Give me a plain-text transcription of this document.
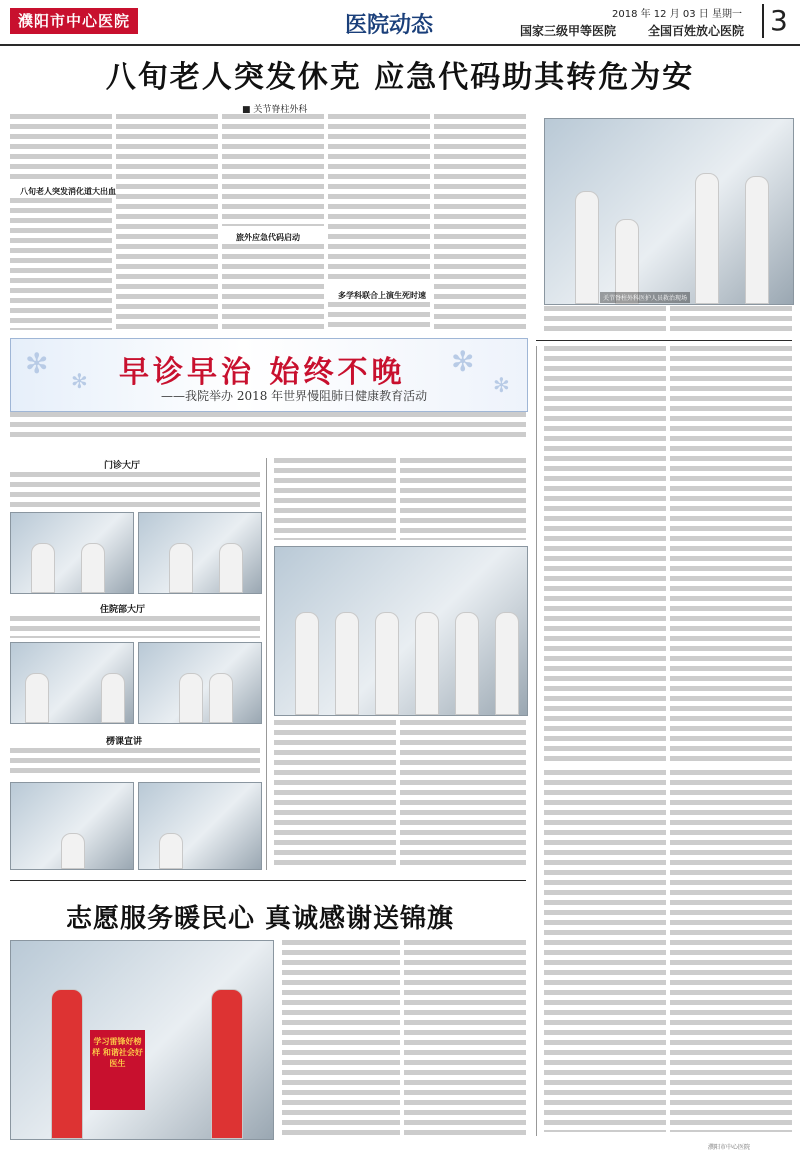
濮阳市中心医院	医院动态	2018 年 12 月 03 日 星期一
国家三级甲等医院	全国百姓放心医院 3
八旬老人突发休克 应急代码助其转危为安
■ 关节脊柱外科
八旬老人突发消化道大出血
旅外应急代码启动
多学科联合上演生死时速	关节脊柱外科医护人员救治现场
✻
✻
✻
✻
早诊早治 始终不晚
——我院举办 2018 年世界慢阻肺日健康教育活动
门诊大厅
住院部大厅
楞课宣讲
志愿服务暖民心 真诚感谢送锦旗
学习雷锋好榜样 和谐社会好医生
濮阳市中心医院
